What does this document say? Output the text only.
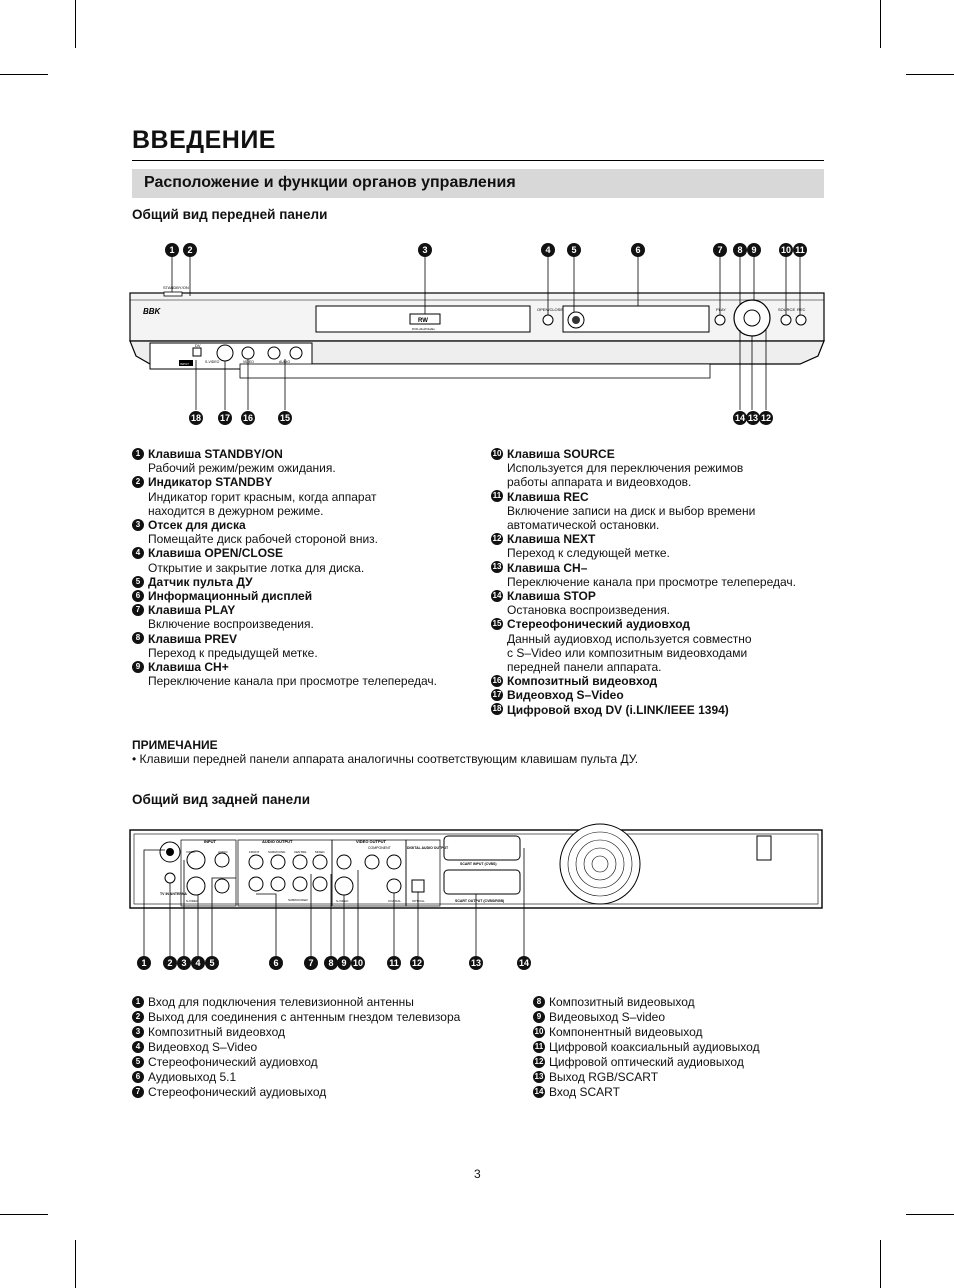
ВВЕДЕНИЕ
Расположение и функции органов управления
Общий вид передней панели
BBK
STANDBY/ON
RW
DVD+ReWritable
OPEN/CLOSE	PLAY	SOURCE REC
DV
INPUT	S-VIDEO	VIDEO	AUDIO
1	2	3	4	5	6	7	8 9	10 11
18 17 16	15	14 13 12
1 Клавиша STANDBY/ON
Рабочий режим/режим ожидания.
2 Индикатор STANDBY
Индикатор горит красным, когда аппарат
находится в дежурном режиме.
3 Отсек для диска
Помещайте диск рабочей стороной вниз.
4 Клавиша OPEN/CLOSE
Открытие и закрытие лотка для диска.
5 Датчик пульта ДУ
6 Информационный дисплей
7 Клавиша PLAY
Включение воспроизведения.
8 Клавиша PREV
Переход к предыдущей метке.
9 Клавиша CH+
Переключение канала при просмотре телепередач.
10 Клавиша SOURCE
Используется для переключения режимов
работы аппарата и видеовходов.
11 Клавиша REC
Включение записи на диск и выбор времени
автоматической остановки.
12 Клавиша NEXT
Переход к следующей метке.
13 Клавиша CH–
Переключение канала при просмотре телепередач.
14 Клавиша STOP
Остановка воспроизведения.
15 Стереофонический аудиовход
Данный аудиовход используется совместно
с S–Video или композитным видеовходами
передней панели аппарата.
16 Композитный видеовход
17 Видеовход S–Video
18 Цифровой вход DV (i.LINK/IEEE 1394)
ПРИМЕЧАНИЕ
• Клавиши передней панели аппарата аналогичны соответствующим клавишам пульта ДУ.
Общий вид задней панели
INPUT	AUDIO OUTPUT	VIDEO OUTPUT
COMPONENT	DIGITAL AUDIO OUTPUT
SCART INPUT (CVBS)
SCART OUTPUT (CVBS/RGB)
TV IN ANTENNA
S-VIDEO	S-VIDEO	COAXIAL	OPTICAL
FRONT	SURROUND	CENTRE	MIXED
SUBWOOFER
VIDEO	AUDIO
1	2 3 4 5	6	7	8 9 10	11 12	13	14
1 Вход для подключения телевизионной антенны
2 Выход для соединения с антенным гнездом телевизора
3 Композитный видеовход
4 Видеовход S–Video
5 Стереофонический аудиовход
6 Аудиовыход 5.1
7 Стереофонический аудиовыход
8 Композитный видеовыход
9 Видеовыход S–video
10 Компонентный видеовыход
11 Цифровой коаксиальный аудиовыход
12 Цифровой оптический аудиовыход
13 Выход RGB/SCART
14 Вход SCART
3
